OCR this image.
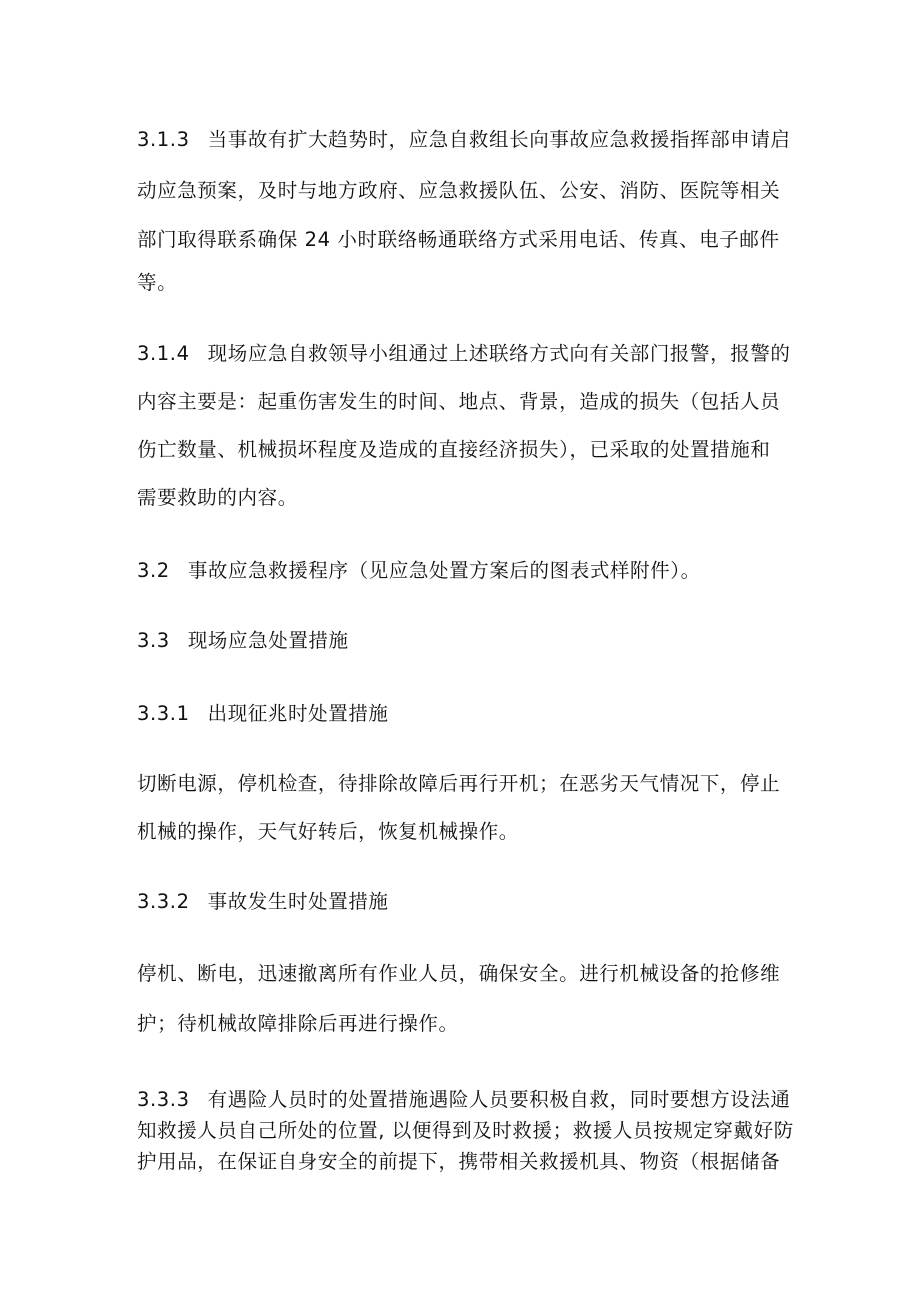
3.1.3 当事故有扩大趋势时，应急自救组长向事故应急救援指挥部申请启
动应急预案，及时与地方政府、应急救援队伍、公安、消防、医院等相关
部门取得联系确保 24 小时联络畅通联络方式采用电话、传真、电子邮件
等。
3.1.4 现场应急自救领导小组通过上述联络方式向有关部门报警，报警的
内容主要是：起重伤害发生的时间、地点、背景，造成的损失（包括人员
伤亡数量、机械损坏程度及造成的直接经济损失），已采取的处置措施和
需要救助的内容。
3.2 事故应急救援程序（见应急处置方案后的图表式样附件）。
3.3 现场应急处置措施
3.3.1 出现征兆时处置措施
切断电源，停机检查，待排除故障后再行开机；在恶劣天气情况下，停止
机械的操作，天气好转后，恢复机械操作。
3.3.2 事故发生时处置措施
停机、断电，迅速撤离所有作业人员，确保安全。进行机械设备的抢修维
护；待机械故障排除后再进行操作。
3.3.3 有遇险人员时的处置措施遇险人员要积极自救，同时要想方设法通
知救援人员自己所处的位置, 以便得到及时救援；救援人员按规定穿戴好防
护用品，在保证自身安全的前提下，携带相关救援机具、物资（根据储备
